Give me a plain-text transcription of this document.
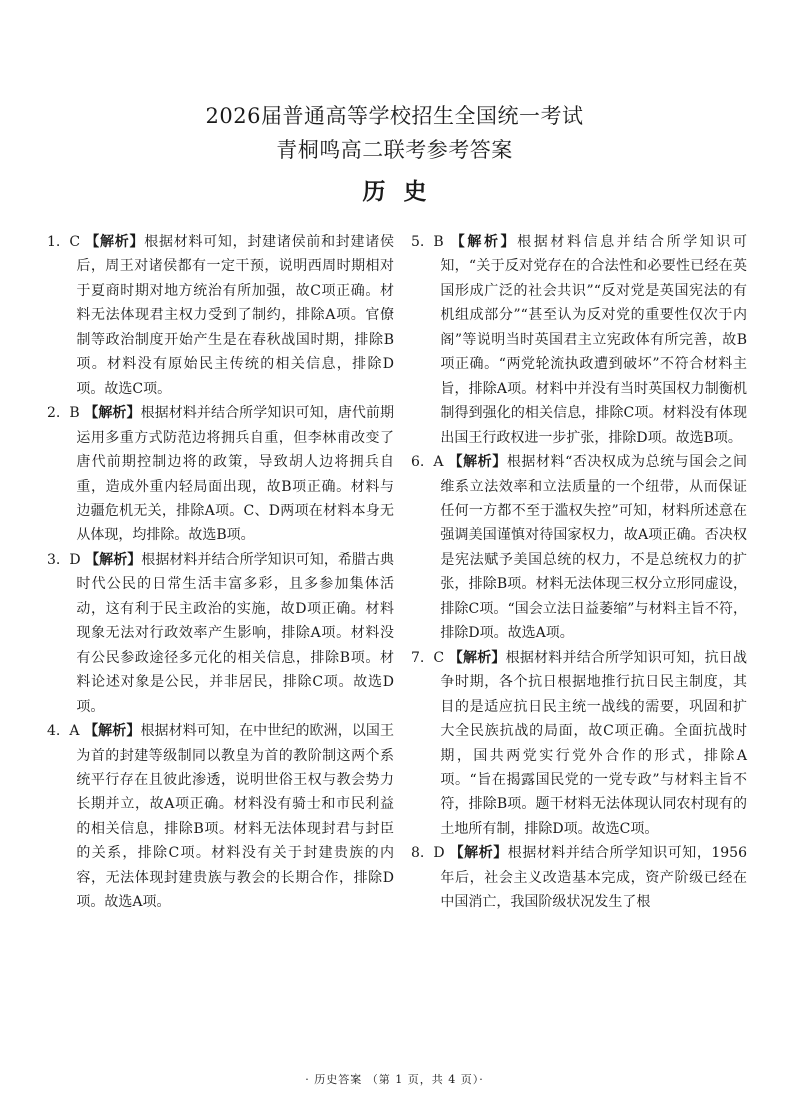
2026届普通高等学校招生全国统一考试
青桐鸣高二联考参考答案
历史

1. C 【解析】根据材料可知，封建诸侯前和封建诸侯后，周王对诸侯都有一定干预，说明西周时期相对于夏商时期对地方统治有所加强，故C项正确。材料无法体现君主权力受到了制约，排除A项。官僚制等政治制度开始产生是在春秋战国时期，排除B项。材料没有原始民主传统的相关信息，排除D项。故选C项。

2. B 【解析】根据材料并结合所学知识可知，唐代前期运用多重方式防范边将拥兵自重，但李林甫改变了唐代前期控制边将的政策，导致胡人边将拥兵自重，造成外重内轻局面出现，故B项正确。材料与边疆危机无关，排除A项。C、D两项在材料本身无从体现，均排除。故选B项。

3. D 【解析】根据材料并结合所学知识可知，希腊古典时代公民的日常生活丰富多彩，且多参加集体活动，这有利于民主政治的实施，故D项正确。材料现象无法对行政效率产生影响，排除A项。材料没有公民参政途径多元化的相关信息，排除B项。材料论述对象是公民，并非居民，排除C项。故选D项。

4. A 【解析】根据材料可知，在中世纪的欧洲，以国王为首的封建等级制同以教皇为首的教阶制这两个系统平行存在且彼此渗透，说明世俗王权与教会势力长期并立，故A项正确。材料没有骑士和市民利益的相关信息，排除B项。材料无法体现封君与封臣的关系，排除C项。材料没有关于封建贵族的内容，无法体现封建贵族与教会的长期合作，排除D项。故选A项。

5. B 【解析】根据材料信息并结合所学知识可知，“关于反对党存在的合法性和必要性已经在英国形成广泛的社会共识”“反对党是英国宪法的有机组成部分”“甚至认为反对党的重要性仅次于内阁”等说明当时英国君主立宪政体有所完善，故B项正确。“两党轮流执政遭到破坏”不符合材料主旨，排除A项。材料中并没有当时英国权力制衡机制得到强化的相关信息，排除C项。材料没有体现出国王行政权进一步扩张，排除D项。故选B项。

6. A 【解析】根据材料“否决权成为总统与国会之间维系立法效率和立法质量的一个纽带，从而保证任何一方都不至于滥权失控”可知，材料所述意在强调美国谨慎对待国家权力，故A项正确。否决权是宪法赋予美国总统的权力，不是总统权力的扩张，排除B项。材料无法体现三权分立形同虚设，排除C项。“国会立法日益萎缩”与材料主旨不符，排除D项。故选A项。

7. C 【解析】根据材料并结合所学知识可知，抗日战争时期，各个抗日根据地推行抗日民主制度，其目的是适应抗日民主统一战线的需要，巩固和扩大全民族抗战的局面，故C项正确。全面抗战时期，国共两党实行党外合作的形式，排除A项。“旨在揭露国民党的一党专政”与材料主旨不符，排除B项。题干材料无法体现认同农村现有的土地所有制，排除D项。故选C项。

8. D 【解析】根据材料并结合所学知识可知，1956年后，社会主义改造基本完成，资产阶级已经在中国消亡，我国阶级状况发生了根

· 历史答案 （第 1 页，共 4 页）·
